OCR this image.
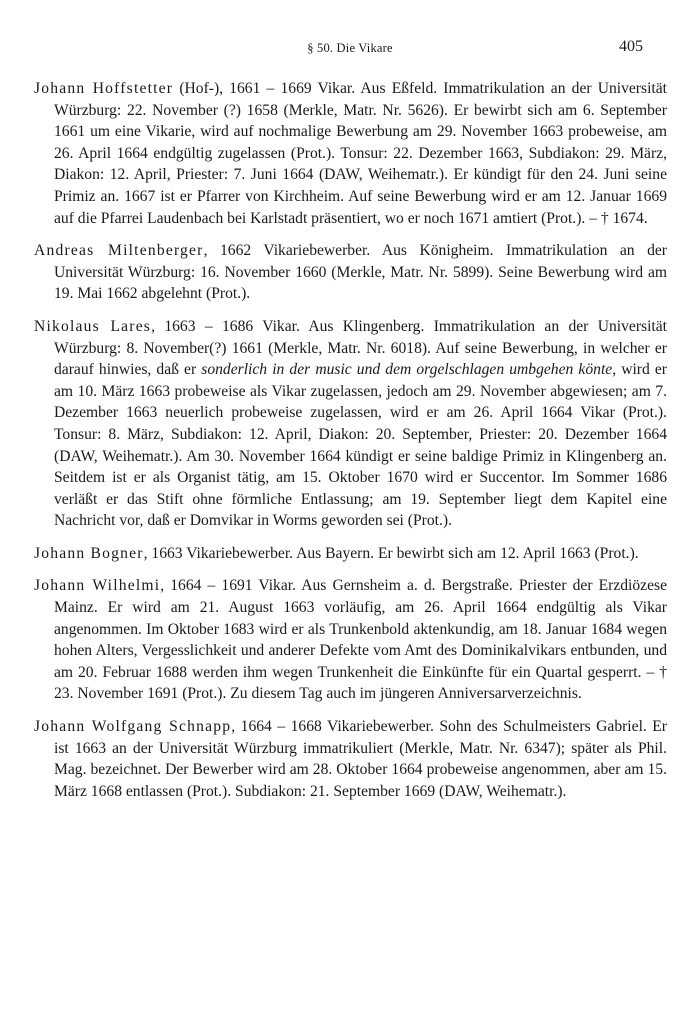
§ 50. Die Vikare	405

Johann Hoffstetter (Hof-), 1661 – 1669 Vikar. Aus Eßfeld. Immatrikulation an der Universität Würzburg: 22. November (?) 1658 (Merkle, Matr. Nr. 5626). Er bewirbt sich am 6. September 1661 um eine Vikarie, wird auf nochmalige Bewerbung am 29. November 1663 probeweise, am 26. April 1664 endgültig zugelassen (Prot.). Tonsur: 22. Dezember 1663, Subdiakon: 29. März, Diakon: 12. April, Priester: 7. Juni 1664 (DAW, Weihematr.). Er kündigt für den 24. Juni seine Primiz an. 1667 ist er Pfarrer von Kirchheim. Auf seine Bewerbung wird er am 12. Januar 1669 auf die Pfarrei Laudenbach bei Karlstadt präsentiert, wo er noch 1671 amtiert (Prot.). – † 1674.

Andreas Miltenberger, 1662 Vikariebewerber. Aus Königheim. Immatrikulation an der Universität Würzburg: 16. November 1660 (Merkle, Matr. Nr. 5899). Seine Bewerbung wird am 19. Mai 1662 abgelehnt (Prot.).

Nikolaus Lares, 1663 – 1686 Vikar. Aus Klingenberg. Immatrikulation an der Universität Würzburg: 8. November(?) 1661 (Merkle, Matr. Nr. 6018). Auf seine Bewerbung, in welcher er darauf hinwies, daß er sonderlich in der music und dem orgelschlagen umbgehen könte, wird er am 10. März 1663 probeweise als Vikar zugelassen, jedoch am 29. November abgewiesen; am 7. Dezember 1663 neuerlich probeweise zugelassen, wird er am 26. April 1664 Vikar (Prot.). Tonsur: 8. März, Subdiakon: 12. April, Diakon: 20. September, Priester: 20. Dezember 1664 (DAW, Weihematr.). Am 30. November 1664 kündigt er seine baldige Primiz in Klingenberg an. Seitdem ist er als Organist tätig, am 15. Oktober 1670 wird er Succentor. Im Sommer 1686 verläßt er das Stift ohne förmliche Entlassung; am 19. September liegt dem Kapitel eine Nachricht vor, daß er Domvikar in Worms geworden sei (Prot.).

Johann Bogner, 1663 Vikariebewerber. Aus Bayern. Er bewirbt sich am 12. April 1663 (Prot.).

Johann Wilhelmi, 1664 – 1691 Vikar. Aus Gernsheim a. d. Bergstraße. Priester der Erzdiözese Mainz. Er wird am 21. August 1663 vorläufig, am 26. April 1664 endgültig als Vikar angenommen. Im Oktober 1683 wird er als Trunkenbold aktenkundig, am 18. Januar 1684 wegen hohen Alters, Vergesslichkeit und anderer Defekte vom Amt des Dominikalvikars entbunden, und am 20. Februar 1688 werden ihm wegen Trunkenheit die Einkünfte für ein Quartal gesperrt. – † 23. November 1691 (Prot.). Zu diesem Tag auch im jüngeren Anniversarverzeichnis.

Johann Wolfgang Schnapp, 1664 – 1668 Vikariebewerber. Sohn des Schulmeisters Gabriel. Er ist 1663 an der Universität Würzburg immatrikuliert (Merkle, Matr. Nr. 6347); später als Phil. Mag. bezeichnet. Der Bewerber wird am 28. Oktober 1664 probeweise angenommen, aber am 15. März 1668 entlassen (Prot.). Subdiakon: 21. September 1669 (DAW, Weihematr.).
